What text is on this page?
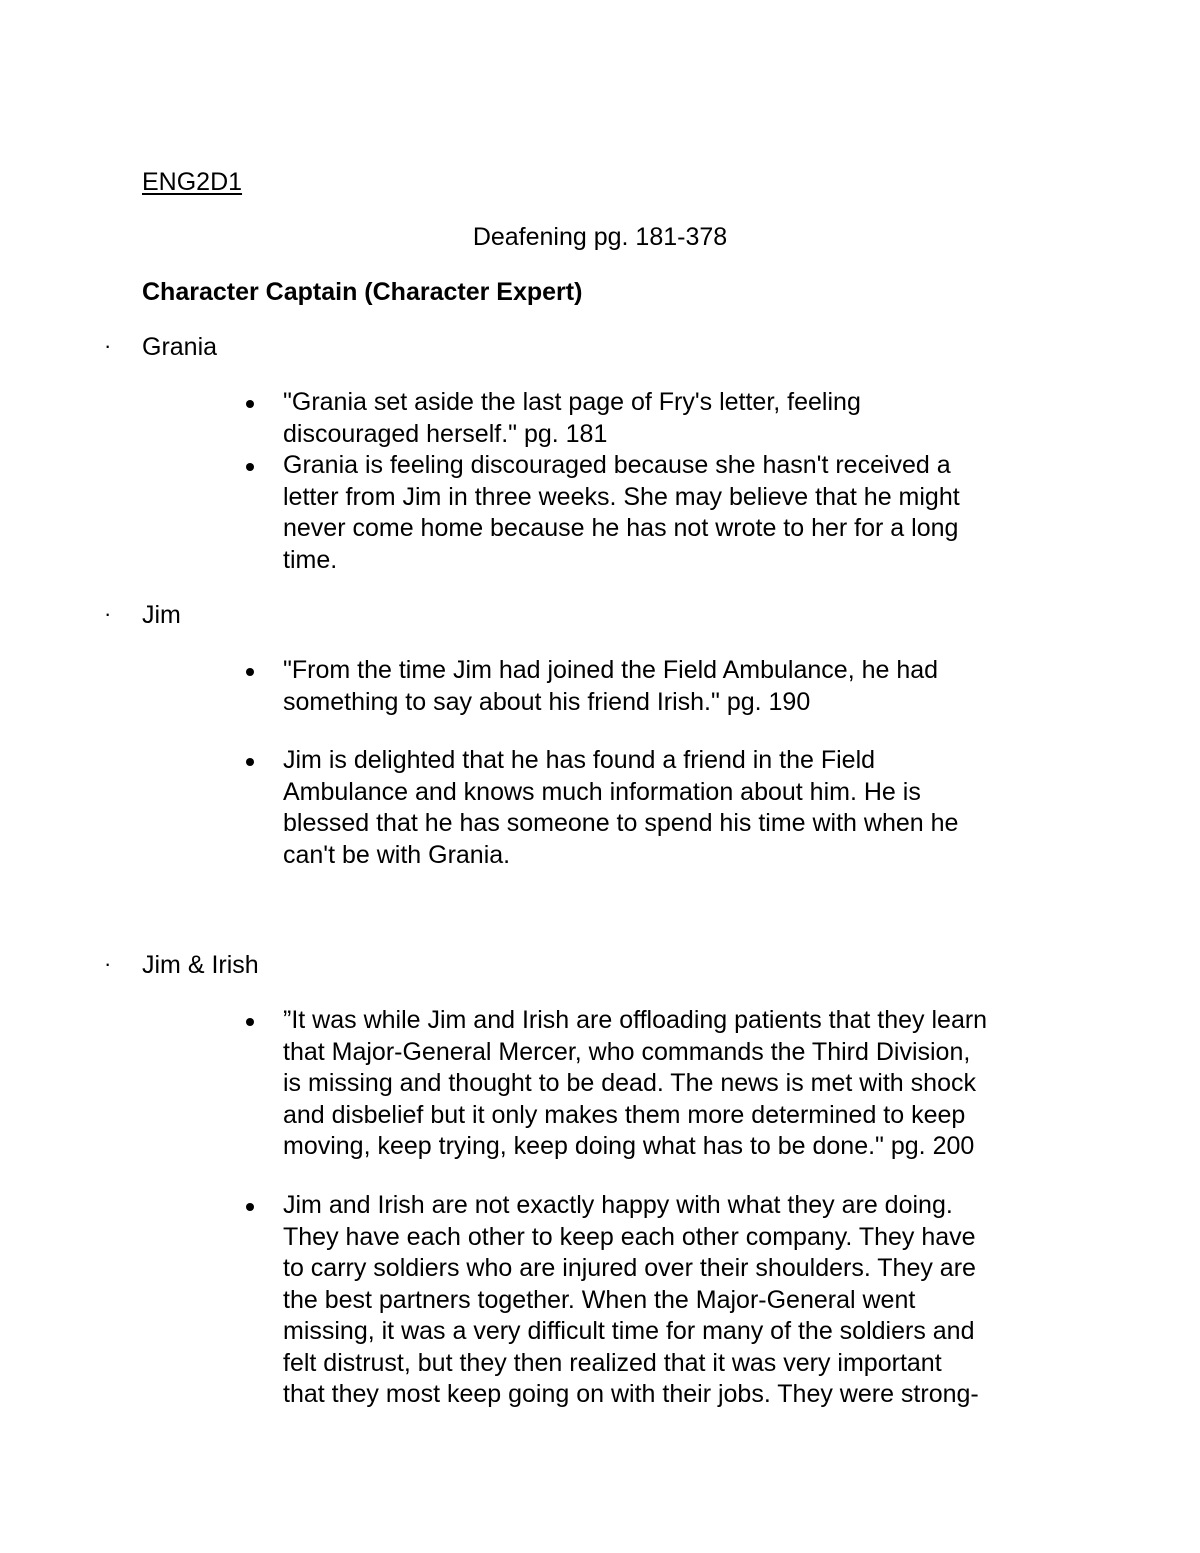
ENG2D1
Deafening pg. 181-378
Character Captain (Character Expert)
· Grania
"Grania set aside the last page of Fry's letter, feeling
discouraged herself." pg. 181
Grania is feeling discouraged because she hasn't received a
letter from Jim in three weeks. She may believe that he might
never come home because he has not wrote to her for a long
time.
· Jim
"From the time Jim had joined the Field Ambulance, he had
something to say about his friend Irish." pg. 190
Jim is delighted that he has found a friend in the Field
Ambulance and knows much information about him. He is
blessed that he has someone to spend his time with when he
can't be with Grania.
· Jim & Irish
”It was while Jim and Irish are offloading patients that they learn
that Major-General Mercer, who commands the Third Division,
is missing and thought to be dead. The news is met with shock
and disbelief but it only makes them more determined to keep
moving, keep trying, keep doing what has to be done." pg. 200
Jim and Irish are not exactly happy with what they are doing.
They have each other to keep each other company. They have
to carry soldiers who are injured over their shoulders. They are
the best partners together. When the Major-General went
missing, it was a very difficult time for many of the soldiers and
felt distrust, but they then realized that it was very important
that they most keep going on with their jobs. They were strong-
